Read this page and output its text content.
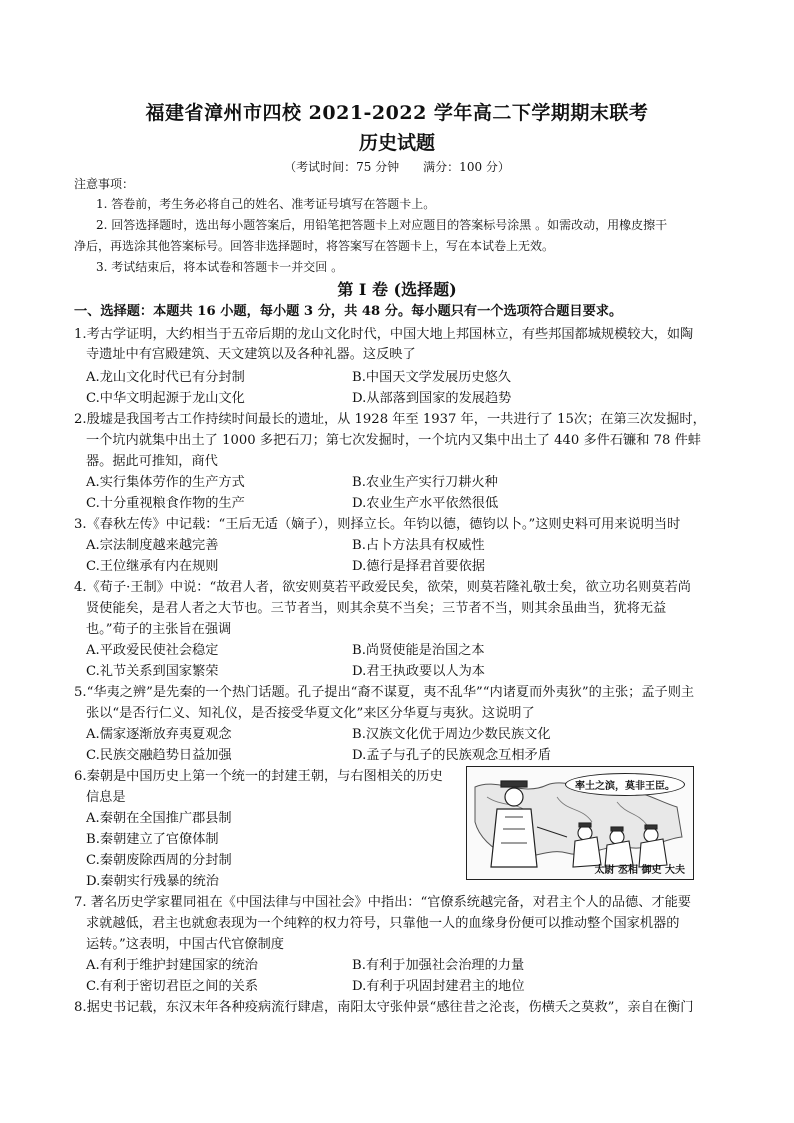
福建省漳州市四校 2021-2022 学年高二下学期期末联考
历史试题
（考试时间：75 分钟　　满分：100 分）
注意事项：
1. 答卷前，考生务必将自己的姓名、准考证号填写在答题卡上。
2. 回答选择题时，选出每小题答案后，用铅笔把答题卡上对应题目的答案标号涂黑 。如需改动，用橡皮擦干
净后，再选涂其他答案标号。回答非选择题时，将答案写在答题卡上，写在本试卷上无效。
3. 考试结束后，将本试卷和答题卡一并交回 。
第 I 卷 (选择题)
一、选择题：本题共 16 小题，每小题 3 分，共 48 分。每小题只有一个选项符合题目要求。
1.考古学证明，大约相当于五帝后期的龙山文化时代，中国大地上邦国林立，有些邦国都城规模较大，如陶
寺遗址中有宫殿建筑、天文建筑以及各种礼器。这反映了
A.龙山文化时代已有分封制	B.中国天文学发展历史悠久
C.中华文明起源于龙山文化	D.从部落到国家的发展趋势
2.殷墟是我国考古工作持续时间最长的遗址，从 1928 年至 1937 年，一共进行了 15次；在第三次发掘时，
一个坑内就集中出土了 1000 多把石刀；第七次发掘时，一个坑内又集中出土了 440 多件石镰和 78 件蚌
器。据此可推知，商代
A.实行集体劳作的生产方式	B.农业生产实行刀耕火种
C.十分重视粮食作物的生产	D.农业生产水平依然很低
3.《春秋左传》中记载：“王后无适（嫡子），则择立长。年钧以德，德钧以卜。”这则史料可用来说明当时
A.宗法制度越来越完善	B.占卜方法具有权威性
C.王位继承有内在规则	D.德行是择君首要依据
4.《荀子·王制》中说：“故君人者，欲安则莫若平政爱民矣，欲荣，则莫若隆礼敬士矣，欲立功名则莫若尚
贤使能矣，是君人者之大节也。三节者当，则其余莫不当矣；三节者不当，则其余虽曲当，犹将无益
也。”荀子的主张旨在强调
A.平政爱民使社会稳定	B.尚贤使能是治国之本
C.礼节关系到国家繁荣	D.君王执政要以人为本
5.“华夷之辨”是先秦的一个热门话题。孔子提出“裔不谋夏，夷不乱华”“内诸夏而外夷狄”的主张；孟子则主
张以“是否行仁义、知礼仪，是否接受华夏文化”来区分华夏与夷狄。这说明了
A.儒家逐渐放弃夷夏观念	B.汉族文化优于周边少数民族文化
C.民族交融趋势日益加强	D.孟子与孔子的民族观念互相矛盾
6.秦朝是中国历史上第一个统一的封建王朝，与右图相关的历史
信息是
A.秦朝在全国推广郡县制
B.秦朝建立了官僚体制
C.秦朝废除西周的分封制
D.秦朝实行残暴的统治
率土之滨，莫非王臣。
太尉 丞相 御史 大夫
7. 著名历史学家瞿同祖在《中国法律与中国社会》中指出：“官僚系统越完备，对君主个人的品德、才能要
求就越低，君主也就愈表现为一个纯粹的权力符号，只靠他一人的血缘身份便可以推动整个国家机器的
运转。”这表明，中国古代官僚制度
A.有利于维护封建国家的统治	B.有利于加强社会治理的力量
C.有利于密切君臣之间的关系	D.有利于巩固封建君主的地位
8.据史书记载，东汉末年各种疫病流行肆虐，南阳太守张仲景“感往昔之沦丧，伤横夭之莫救”，亲自在衡门
